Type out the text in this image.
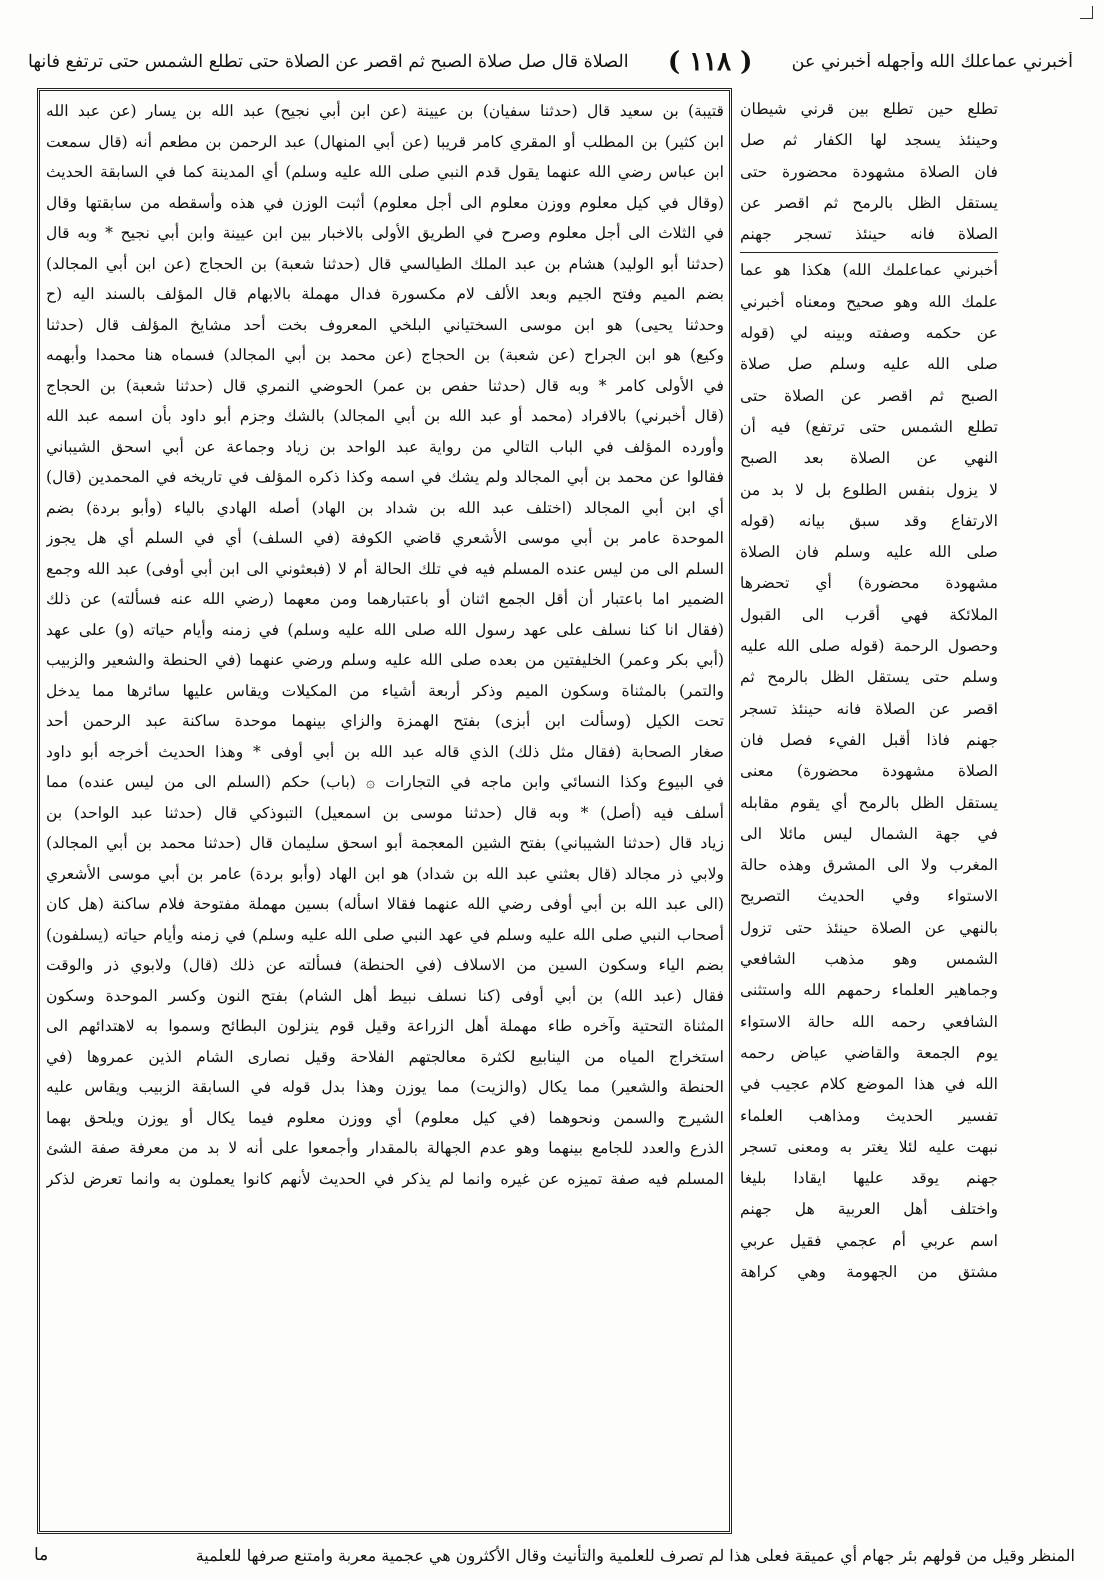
أخبرني عماعلك الله وأجهله أخبرني عن
( ١١٨ )
الصلاة قال صل صلاة الصبح ثم اقصر عن الصلاة حتى تطلع الشمس حتى ترتفع فانها
قتيبة) بن سعيد قال (حدثنا سفيان) بن عيينة (عن ابن أبي نجيح) عبد الله بن يسار (عن عبد الله
ابن كثير) بن المطلب أو المقري كامر قريبا (عن أبي المنهال) عبد الرحمن بن مطعم أنه (قال سمعت
ابن عباس رضي الله عنهما يقول قدم النبي صلى الله عليه وسلم) أي المدينة كما في السابقة الحديث
(وقال في كيل معلوم ووزن معلوم الى أجل معلوم) أثبت الوزن في هذه وأسقطه من سابقتها وقال
في الثلاث الى أجل معلوم وصرح في الطريق الأولى بالاخبار بين ابن عيينة وابن أبي نجيح * وبه قال
(حدثنا أبو الوليد) هشام بن عبد الملك الطيالسي قال (حدثنا شعبة) بن الحجاج (عن ابن أبي المجالد)
بضم الميم وفتح الجيم وبعد الألف لام مكسورة فدال مهملة بالابهام قال المؤلف بالسند اليه (ح
وحدثنا يحيى) هو ابن موسى السختياني البلخي المعروف بخت أحد مشايخ المؤلف قال (حدثنا
وكيع) هو ابن الجراح (عن شعبة) بن الحجاج (عن محمد بن أبي المجالد) فسماه هنا محمدا وأبهمه
في الأولى كامر * وبه قال (حدثنا حفص بن عمر) الحوضي النمري قال (حدثنا شعبة) بن الحجاج
(قال أخبرني) بالافراد (محمد أو عبد الله بن أبي المجالد) بالشك وجزم أبو داود بأن اسمه عبد الله
وأورده المؤلف في الباب التالي من رواية عبد الواحد بن زياد وجماعة عن أبي اسحق الشيباني
فقالوا عن محمد بن أبي المجالد ولم يشك في اسمه وكذا ذكره المؤلف في تاريخه في المحمدين (قال)
أي ابن أبي المجالد (اختلف عبد الله بن شداد بن الهاد) أصله الهادي بالياء (وأبو بردة) بضم
الموحدة عامر بن أبي موسى الأشعري قاضي الكوفة (في السلف) أي في السلم أي هل يجوز
السلم الى من ليس عنده المسلم فيه في تلك الحالة أم لا (فبعثوني الى ابن أبي أوفى) عبد الله وجمع
الضمير اما باعتبار أن أقل الجمع اثنان أو باعتبارهما ومن معهما (رضي الله عنه فسألته) عن ذلك
(فقال انا كنا نسلف على عهد رسول الله صلى الله عليه وسلم) في زمنه وأيام حياته (و) على عهد
(أبي بكر وعمر) الخليفتين من بعده صلى الله عليه وسلم ورضي عنهما (في الحنطة والشعير والزبيب
والتمر) بالمثناة وسكون الميم وذكر أربعة أشياء من المكيلات ويقاس عليها سائرها مما يدخل
تحت الكيل (وسألت ابن أبزى) بفتح الهمزة والزاي بينهما موحدة ساكنة عبد الرحمن أحد
صغار الصحابة (فقال مثل ذلك) الذي قاله عبد الله بن أبي أوفى * وهذا الحديث أخرجه أبو داود
في البيوع وكذا النسائي وابن ماجه في التجارات ۞ (باب) حكم (السلم الى من ليس عنده) مما
أسلف فيه (أصل) * وبه قال (حدثنا موسى بن اسمعيل) التبوذكي قال (حدثنا عبد الواحد) بن
زياد قال (حدثنا الشيباني) بفتح الشين المعجمة أبو اسحق سليمان قال (حدثنا محمد بن أبي المجالد)
ولابي ذر مجالد (قال بعثني عبد الله بن شداد) هو ابن الهاد (وأبو بردة) عامر بن أبي موسى الأشعري
(الى عبد الله بن أبي أوفى رضي الله عنهما فقالا اسأله) بسين مهملة مفتوحة فلام ساكنة (هل كان
أصحاب النبي صلى الله عليه وسلم في عهد النبي صلى الله عليه وسلم) في زمنه وأيام حياته (يسلفون)
بضم الياء وسكون السين من الاسلاف (في الحنطة) فسألته عن ذلك (قال) ولابوي ذر والوقت
فقال (عبد الله) بن أبي أوفى (كنا نسلف نبيط أهل الشام) بفتح النون وكسر الموحدة وسكون
المثناة التحتية وآخره طاء مهملة أهل الزراعة وقيل قوم ينزلون البطائح وسموا به لاهتدائهم الى
استخراج المياه من الينابيع لكثرة معالجتهم الفلاحة وقيل نصارى الشام الذين عمروها (في
الحنطة والشعير) مما يكال (والزيت) مما يوزن وهذا بدل قوله في السابقة الزبيب ويقاس عليه
الشيرج والسمن ونحوهما (في كيل معلوم) أي ووزن معلوم فيما يكال أو يوزن ويلحق بهما
الذرع والعدد للجامع بينهما وهو عدم الجهالة بالمقدار وأجمعوا على أنه لا بد من معرفة صفة الشئ
المسلم فيه صفة تميزه عن غيره وانما لم يذكر في الحديث لأنهم كانوا يعملون به وانما تعرض لذكر
تطلع حين تطلع بين قرني شيطان
وحينئذ يسجد لها الكفار ثم صل
فان الصلاة مشهودة محضورة حتى
يستقل الظل بالرمح ثم اقصر عن
الصلاة فانه حينئذ تسجر جهنم
أخبرني عماعلمك الله) هكذا هو عما
علمك الله وهو صحيح ومعناه أخبرني
عن حكمه وصفته وبينه لي (قوله
صلى الله عليه وسلم صل صلاة
الصبح ثم اقصر عن الصلاة حتى
تطلع الشمس حتى ترتفع) فيه أن
النهي عن الصلاة بعد الصبح
لا يزول بنفس الطلوع بل لا بد من
الارتفاع وقد سبق بيانه (قوله
صلى الله عليه وسلم فان الصلاة
مشهودة محضورة) أي تحضرها
الملائكة فهي أقرب الى القبول
وحصول الرحمة (قوله صلى الله عليه
وسلم حتى يستقل الظل بالرمح ثم
اقصر عن الصلاة فانه حينئذ تسجر
جهنم فاذا أقبل الفيء فصل فان
الصلاة مشهودة محضورة) معنى
يستقل الظل بالرمح أي يقوم مقابله
في جهة الشمال ليس مائلا الى
المغرب ولا الى المشرق وهذه حالة
الاستواء وفي الحديث التصريح
بالنهي عن الصلاة حينئذ حتى تزول
الشمس وهو مذهب الشافعي
وجماهير العلماء رحمهم الله واستثنى
الشافعي رحمه الله حالة الاستواء
يوم الجمعة والقاضي عياض رحمه
الله في هذا الموضع كلام عجيب في
تفسير الحديث ومذاهب العلماء
نبهت عليه لئلا يغتر به ومعنى تسجر
جهنم يوقد عليها ايقادا بليغا
واختلف أهل العربية هل جهنم
اسم عربي أم عجمي فقيل عربي
مشتق من الجهومة وهي كراهة
المنظر وقيل من قولهم بئر جهام أي عميقة فعلى هذا لم تصرف للعلمية والتأنيث وقال الأكثرون هي عجمية معربة وامتنع صرفها للعلمية
ما
